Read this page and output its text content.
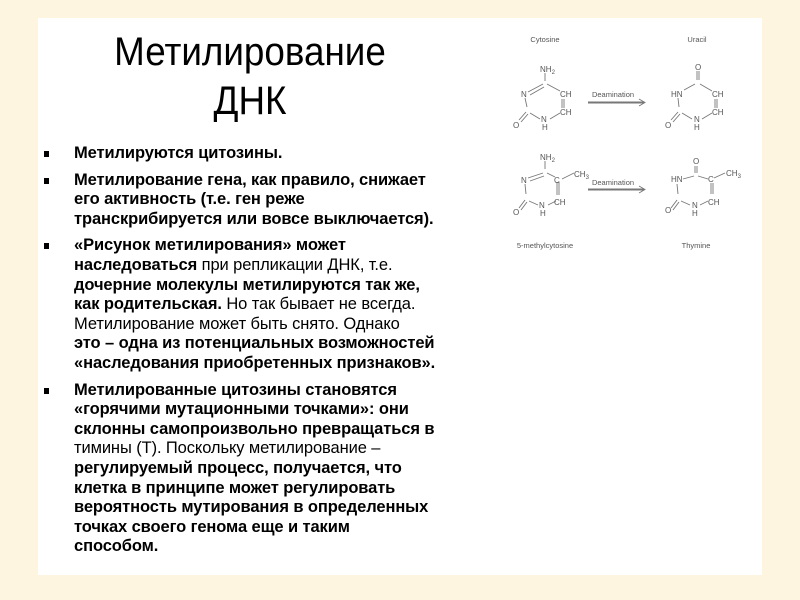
Метилирование
ДНК
Метилируются цитозины.
Метилирование гена, как правило, снижает
его активность (т.е. ген реже
транскрибируется или вовсе выключается).
«Рисунок метилирования» может
наследоваться при репликации ДНК, т.е.
дочерние молекулы метилируются так же,
как родительская. Но так бывает не всегда.
Метилирование может быть снято. Однако
это – одна из потенциальных возможностей
«наследования приобретенных признаков».
Метилированные цитозины становятся
«горячими мутационными точками»: они
склонны самопроизвольно превращаться в
тимины (Т). Поскольку метилирование –
регулируемый процесс, получается, что
клетка в принципе может регулировать
вероятность мутирования в определенных
точках своего генома еще и таким
способом.
Cytosine	Uracil
Deamination
Deamination
5-methylcytosine	Thymine
$NH_2$
N	CH
CH
N
H
O
O
HN	CH
CH
N
H
O
$NH_2$
N	C
$CH_3$
CH
N
H
O
O
HN	C
$CH_3$
CH
N
H
O
